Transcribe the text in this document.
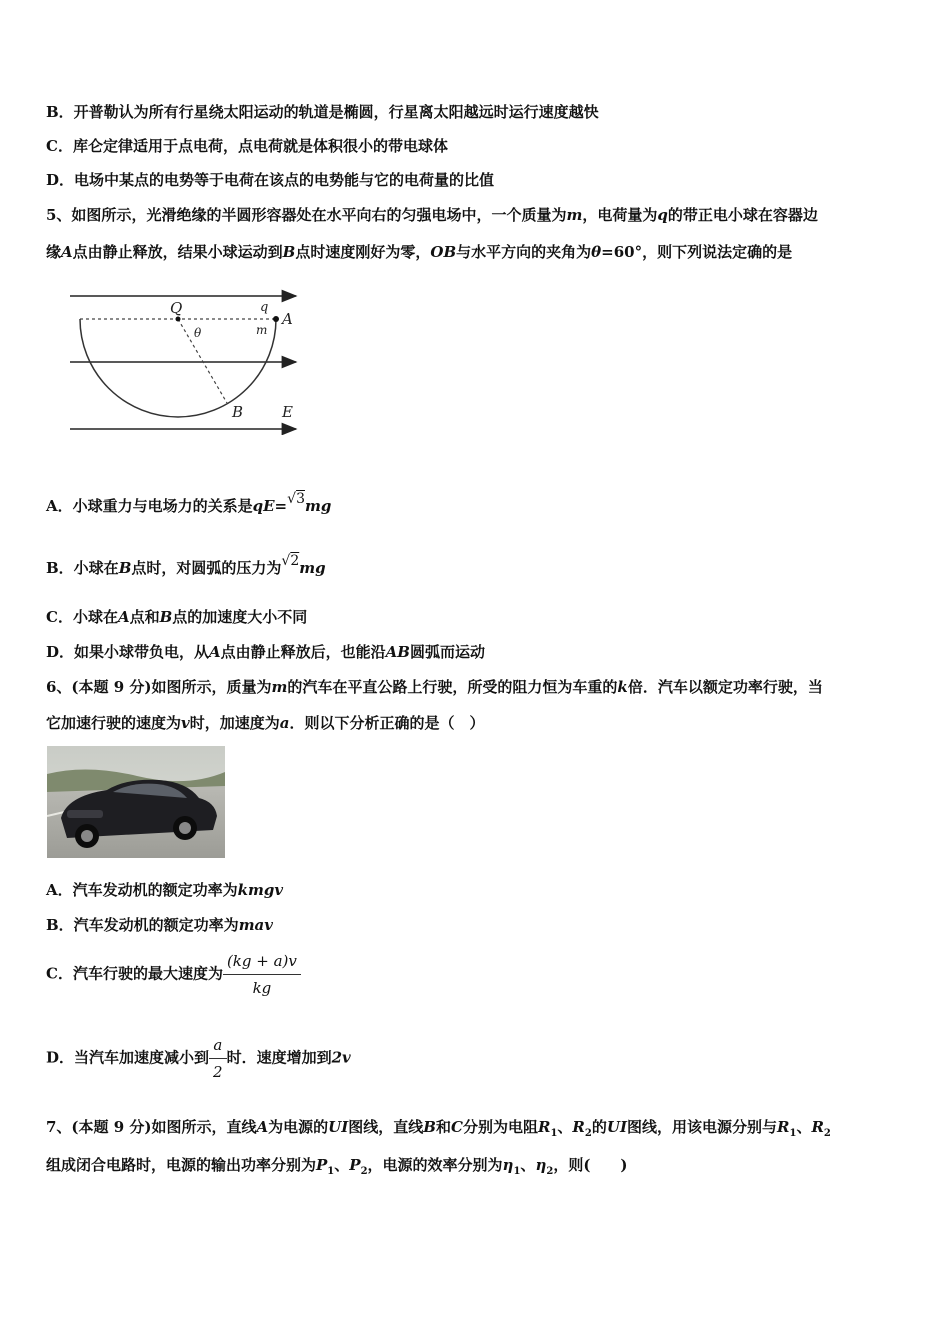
B．开普勒认为所有行星绕太阳运动的轨道是椭圆，行星离太阳越远时运行速度越快
C．库仑定律适用于点电荷，点电荷就是体积很小的带电球体
D．电场中某点的电势等于电荷在该点的电势能与它的电荷量的比值
5、如图所示，光滑绝缘的半圆形容器处在水平向右的匀强电场中，一个质量为m，电荷量为q的带正电小球在容器边
缘A点由静止释放，结果小球运动到B点时速度刚好为零，OB与水平方向的夹角为θ=60°，则下列说法定确的是
Q
θ
q
m
A
B	E
A．小球重力与电场力的关系是qE=√3mg
B．小球在B点时，对圆弧的压力为√2mg
C．小球在A点和B点的加速度大小不同
D．如果小球带负电，从A点由静止释放后，也能沿AB圆弧而运动
6、(本题 9 分)如图所示，质量为m的汽车在平直公路上行驶，所受的阻力恒为车重的k倍．汽车以额定功率行驶，当
它加速行驶的速度为v时，加速度为a．则以下分析正确的是（　）
A．汽车发动机的额定功率为kmgv
B．汽车发动机的额定功率为mav
C．汽车行驶的最大速度为 $\frac{(kg + a)v}{kg}$
D．当汽车加速度减小到 $\frac{a}{2}$ 时．速度增加到2v
7、(本题 9 分)如图所示，直线A为电源的UI图线，直线B和C分别为电阻$R_1$、$R_2$的UI图线，用该电源分别与$R_1$、$R_2$
组成闭合电路时，电源的输出功率分别为$P_1$、$P_2$，电源的效率分别为$\eta_1$、$\eta_2$，则(　　)
